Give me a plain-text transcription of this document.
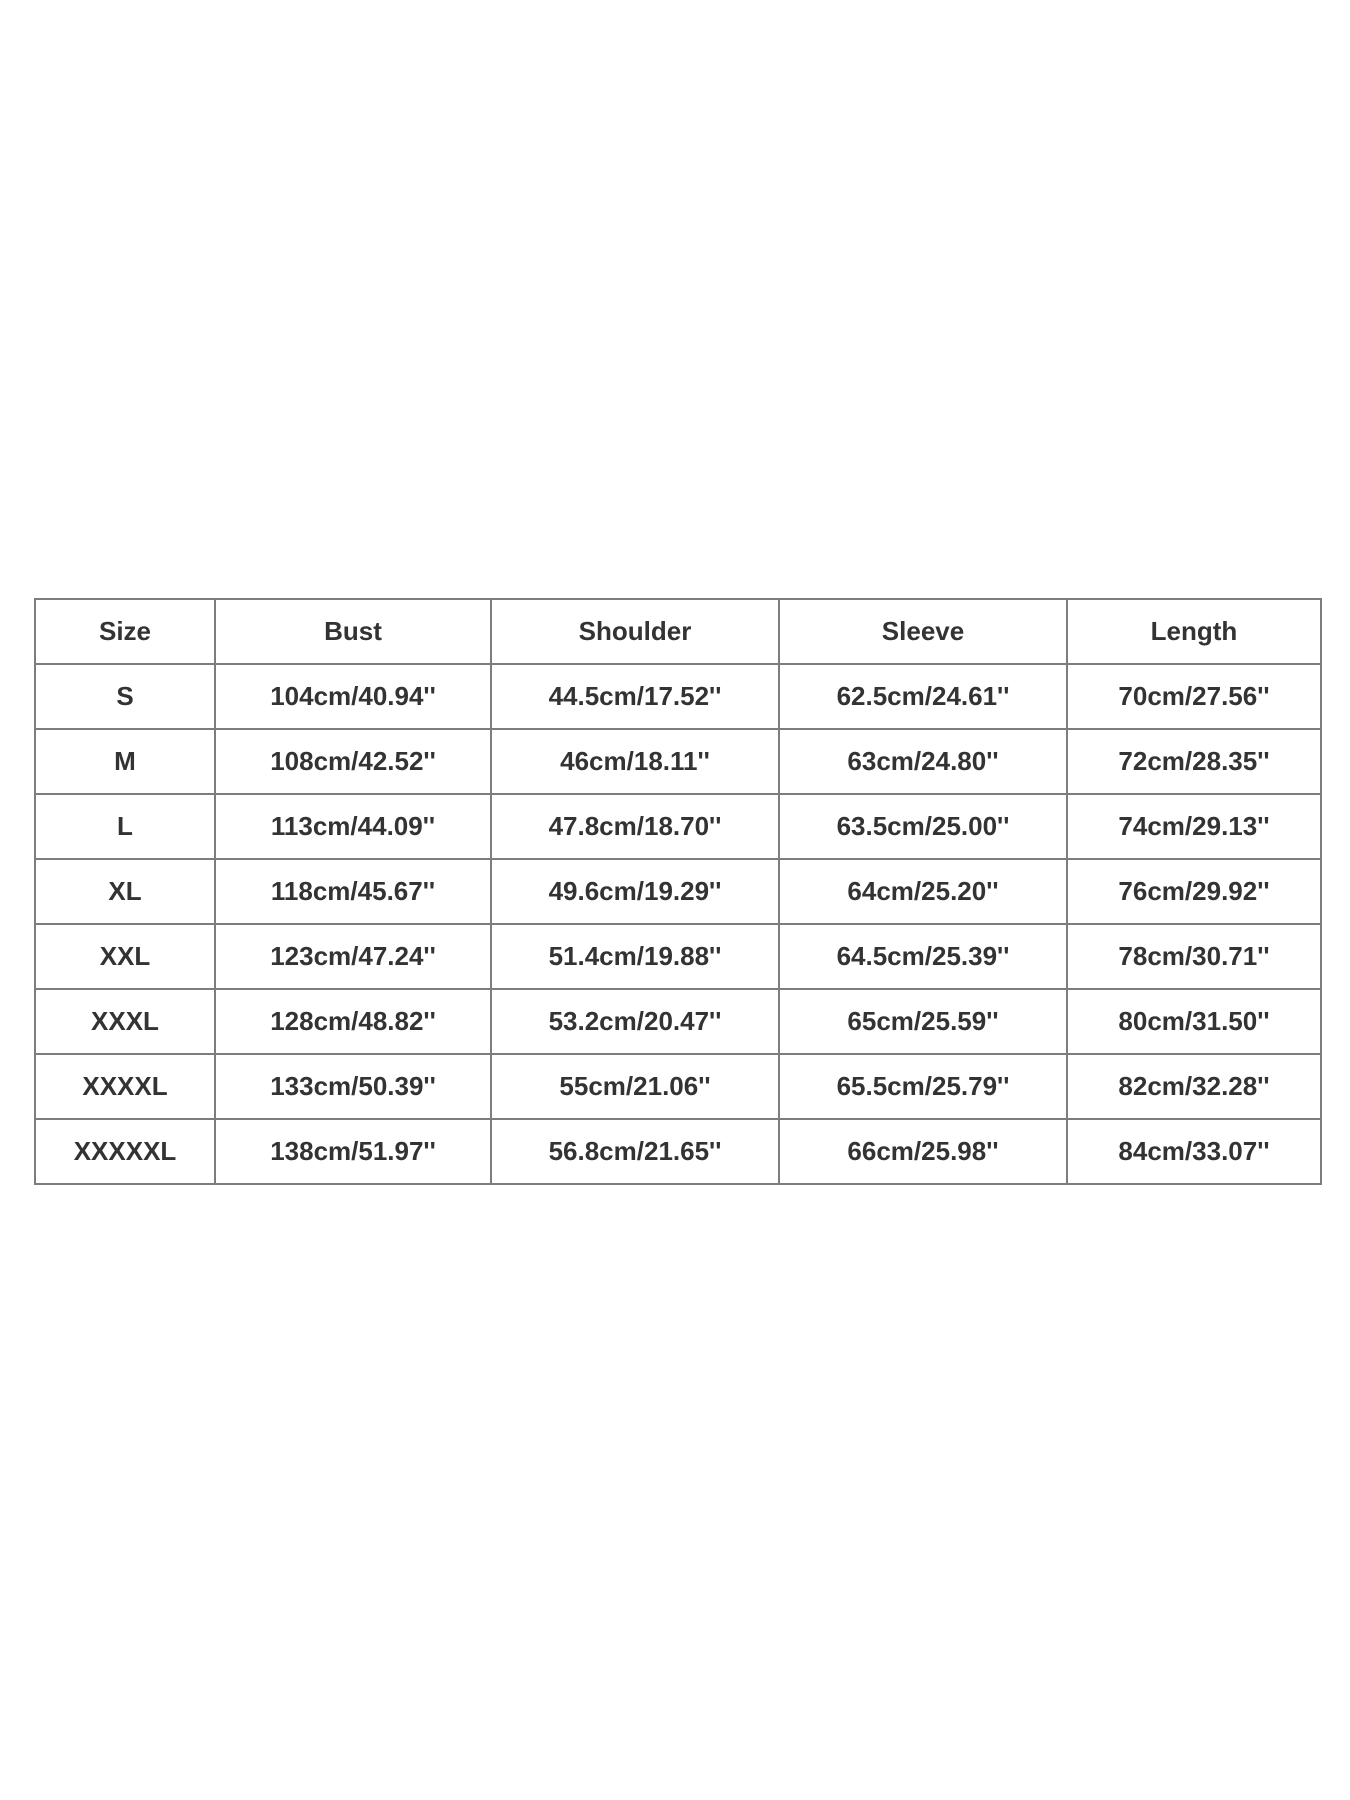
Size	Bust	Shoulder	Sleeve	Length
S	104cm/40.94''	44.5cm/17.52''	62.5cm/24.61''	70cm/27.56''
M	108cm/42.52''	46cm/18.11''	63cm/24.80''	72cm/28.35''
L	113cm/44.09''	47.8cm/18.70''	63.5cm/25.00''	74cm/29.13''
XL	118cm/45.67''	49.6cm/19.29''	64cm/25.20''	76cm/29.92''
XXL	123cm/47.24''	51.4cm/19.88''	64.5cm/25.39''	78cm/30.71''
XXXL	128cm/48.82''	53.2cm/20.47''	65cm/25.59''	80cm/31.50''
XXXXL	133cm/50.39''	55cm/21.06''	65.5cm/25.79''	82cm/32.28''
XXXXXL	138cm/51.97''	56.8cm/21.65''	66cm/25.98''	84cm/33.07''
